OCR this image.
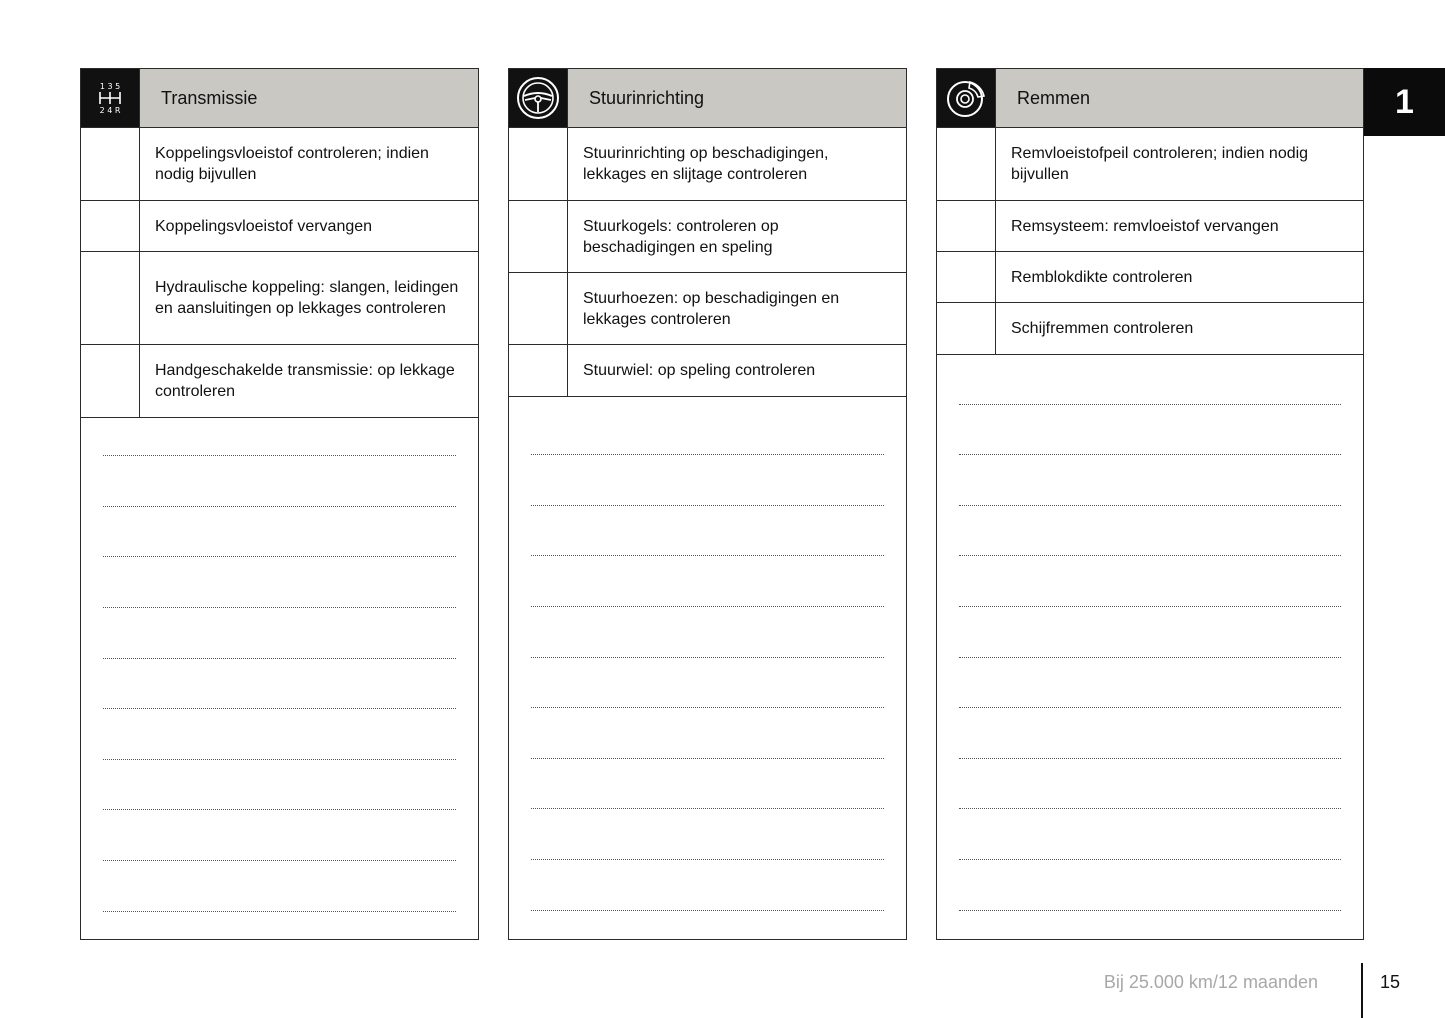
1 3 5
2 4 R
Transmissie
Koppelingsvloeistof controleren; indien nodig bijvullen
Koppelingsvloeistof vervangen
Hydraulische koppeling: slangen, leidingen en aansluitingen op lekkages controleren
Handgeschakelde transmissie: op lekkage controleren
Stuurinrichting
Stuurinrichting op beschadigingen, lekkages en slijtage controleren
Stuurkogels: controleren op beschadigingen en speling
Stuurhoezen: op beschadigingen en lekkages controleren
Stuurwiel: op speling controleren
Remmen
Remvloeistofpeil controleren; indien nodig bijvullen
Remsysteem: remvloeistof vervangen
Remblokdikte controleren
Schijfremmen controleren
1
Bij 25.000 km/12 maanden	15
